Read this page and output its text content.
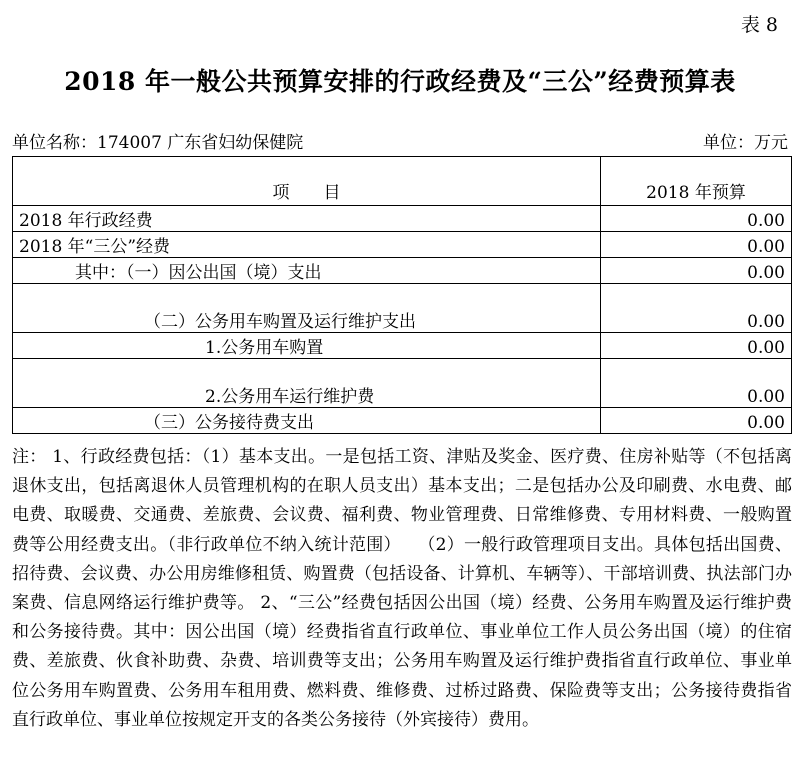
表 8
2018 年一般公共预算安排的行政经费及“三公”经费预算表
单位名称：174007 广东省妇幼保健院	单位：万元
项　　目	2018 年预算
2018 年行政经费	0.00
2018 年“三公”经费	0.00
其中：（一）因公出国（境）支出	0.00
（二）公务用车购置及运行维护支出	0.00
1.公务用车购置	0.00
2.公务用车运行维护费	0.00
（三）公务接待费支出	0.00
注： 1、行政经费包括：（1）基本支出。一是包括工资、津贴及奖金、医疗费、住房补贴等（不包括离退休支出，包括离退休人员管理机构的在职人员支出）基本支出；二是包括办公及印刷费、水电费、邮电费、取暖费、交通费、差旅费、会议费、福利费、物业管理费、日常维修费、专用材料费、一般购置费等公用经费支出。（非行政单位不纳入统计范围）　　（2）一般行政管理项目支出。具体包括出国费、招待费、会议费、办公用房维修租赁、购置费（包括设备、计算机、车辆等）、干部培训费、执法部门办案费、信息网络运行维护费等。 2、“三公”经费包括因公出国（境）经费、公务用车购置及运行维护费和公务接待费。其中：因公出国（境）经费指省直行政单位、事业单位工作人员公务出国（境）的住宿费、差旅费、伙食补助费、杂费、培训费等支出；公务用车购置及运行维护费指省直行政单位、事业单位公务用车购置费、公务用车租用费、燃料费、维修费、过桥过路费、保险费等支出；公务接待费指省直行政单位、事业单位按规定开支的各类公务接待（外宾接待）费用。
